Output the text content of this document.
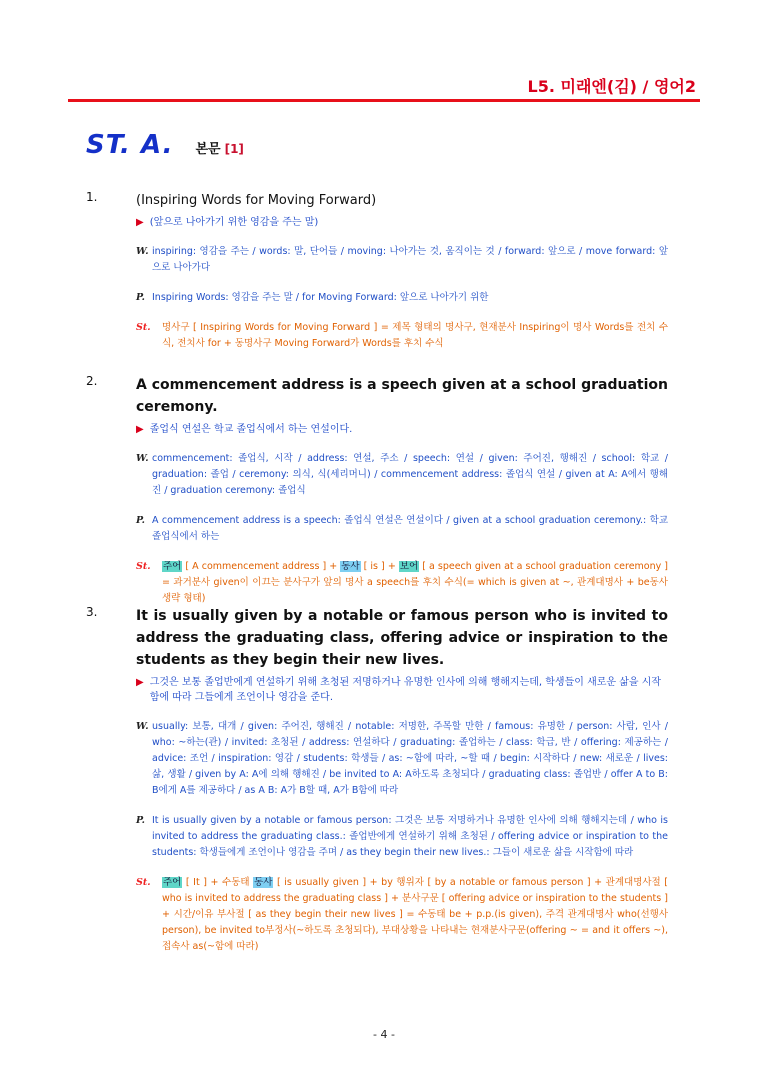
L5. 미래엔(김) / 영어2
ST. A. 본문 [1]
1.	(Inspiring Words for Moving Forward)
▶ (앞으로 나아가기 위한 영감을 주는 말)
W. inspiring: 영감을 주는 / words: 말, 단어들 / moving: 나아가는 것, 움직이는 것 / forward: 앞으로 / move forward: 앞으로 나아가다
P. Inspiring Words: 영감을 주는 말 / for Moving Forward: 앞으로 나아가기 위한
St.	명사구 [ Inspiring Words for Moving Forward ] = 제목 형태의 명사구, 현재분사 Inspiring이 명사 Words를 전치 수식, 전치사 for + 동명사구 Moving Forward가 Words를 후치 수식
2.	A commencement address is a speech given at a school graduation ceremony.
▶ 졸업식 연설은 학교 졸업식에서 하는 연설이다.
W. commencement: 졸업식, 시작 / address: 연설, 주소 / speech: 연설 / given: 주어진, 행해진 / school: 학교 / graduation: 졸업 / ceremony: 의식, 식(세리머니) / commencement address: 졸업식 연설 / given at A: A에서 행해진 / graduation ceremony: 졸업식
P. A commencement address is a speech: 졸업식 연설은 연설이다 / given at a school graduation ceremony.: 학교 졸업식에서 하는
St.	주어 [ A commencement address ] + 동사 [ is ] + 보어 [ a speech given at a school graduation ceremony ] = 과거분사 given이 이끄는 분사구가 앞의 명사 a speech를 후치 수식(= which is given at ~, 관계대명사 + be동사 생략 형태)
3.	It is usually given by a notable or famous person who is invited to address the graduating class, offering advice or inspiration to the students as they begin their new lives.
▶ 그것은 보통 졸업반에게 연설하기 위해 초청된 저명하거나 유명한 인사에 의해 행해지는데, 학생들이 새로운 삶을 시작함에 따라 그들에게 조언이나 영감을 준다.
W. usually: 보통, 대개 / given: 주어진, 행해진 / notable: 저명한, 주목할 만한 / famous: 유명한 / person: 사람, 인사 / who: ~하는(관) / invited: 초청된 / address: 연설하다 / graduating: 졸업하는 / class: 학급, 반 / offering: 제공하는 / advice: 조언 / inspiration: 영감 / students: 학생들 / as: ~함에 따라, ~할 때 / begin: 시작하다 / new: 새로운 / lives: 삶, 생활 / given by A: A에 의해 행해진 / be invited to A: A하도록 초청되다 / graduating class: 졸업반 / offer A to B: B에게 A를 제공하다 / as A B: A가 B할 때, A가 B함에 따라
P. It is usually given by a notable or famous person: 그것은 보통 저명하거나 유명한 인사에 의해 행해지는데 / who is invited to address the graduating class.: 졸업반에게 연설하기 위해 초청된 / offering advice or inspiration to the students: 학생들에게 조언이나 영감을 주며 / as they begin their new lives.: 그들이 새로운 삶을 시작함에 따라
St.	주어 [ It ] + 수동태 동사 [ is usually given ] + by 행위자 [ by a notable or famous person ] + 관계대명사절 [ who is invited to address the graduating class ] + 분사구문 [ offering advice or inspiration to the students ] + 시간/이유 부사절 [ as they begin their new lives ] = 수동태 be + p.p.(is given), 주격 관계대명사 who(선행사 person), be invited to부정사(~하도록 초청되다), 부대상황을 나타내는 현재분사구문(offering ~ = and it offers ~), 접속사 as(~함에 따라)
- 4 -
